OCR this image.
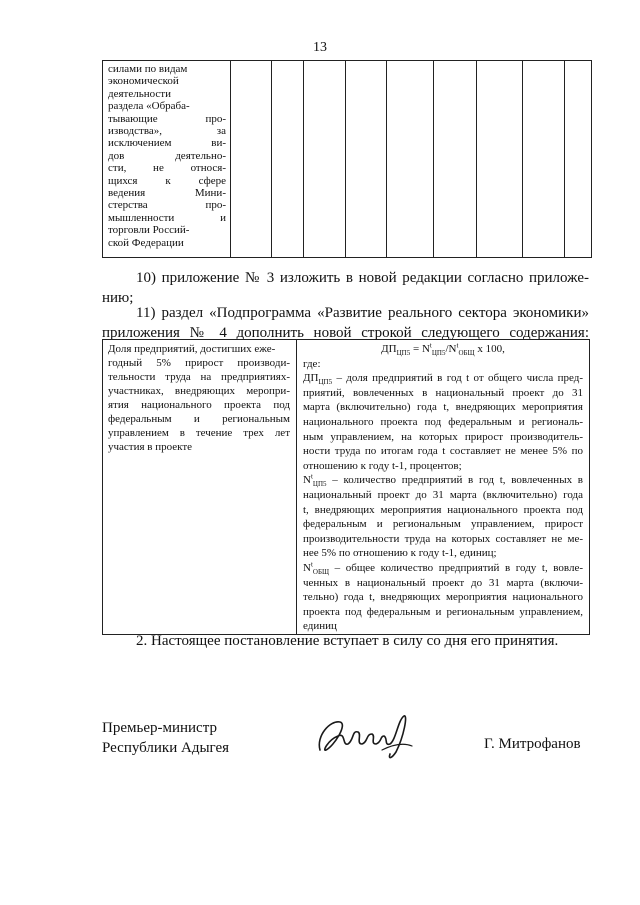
13
силами по видам
экономической
деятельности
раздела «Обраба-
тывающие про-
изводства», за
исключением ви-
дов деятельно-
сти, не относя-
щихся к сфере
ведения Мини-
стерства про-
мышленности и
торговли Россий-
ской Федерации

10) приложение № 3 изложить в новой редакции согласно приложе-
нию;
11) раздел «Подпрограмма «Развитие реального сектора экономики»
приложения № 4 дополнить новой строкой следующего содержания:
Доля предприятий, достигших еже-
годный 5% прирост производи-
тельности труда на предприятиях-
участниках, внедряющих меропри-
ятия национального проекта под
федеральным и региональным
управлением в течение трех лет
участия в проекте

$ДП_{ЦП5} = N^t_{ЦП5}/N^t_{ОБЩ}$ х 100,
где:
$ДП_{ЦП5}$ – доля предприятий в год t от общего числа пред-
приятий, вовлеченных в национальный проект до 31
марта (включительно) года t, внедряющих мероприятия
национального проекта под федеральным и региональ-
ным управлением, на которых прирост производитель-
ности труда по итогам года t составляет не менее 5% по
отношению к году t-1, процентов;
$N^t_{ЦП5}$ – количество предприятий в год t, вовлеченных в
национальный проект до 31 марта (включительно) года
t, внедряющих мероприятия национального проекта под
федеральным и региональным управлением, прирост
производительности труда на которых составляет не ме-
нее 5% по отношению к году t-1, единиц;
$N^t_{ОБЩ}$ – общее количество предприятий в году t, вовле-
ченных в национальный проект до 31 марта (включи-
тельно) года t, внедряющих мероприятия национального
проекта под федеральным и региональным управлением,
единиц
2. Настоящее постановление вступает в силу со дня его принятия.
Премьер-министр
Республики Адыгея	Г. Митрофанов
